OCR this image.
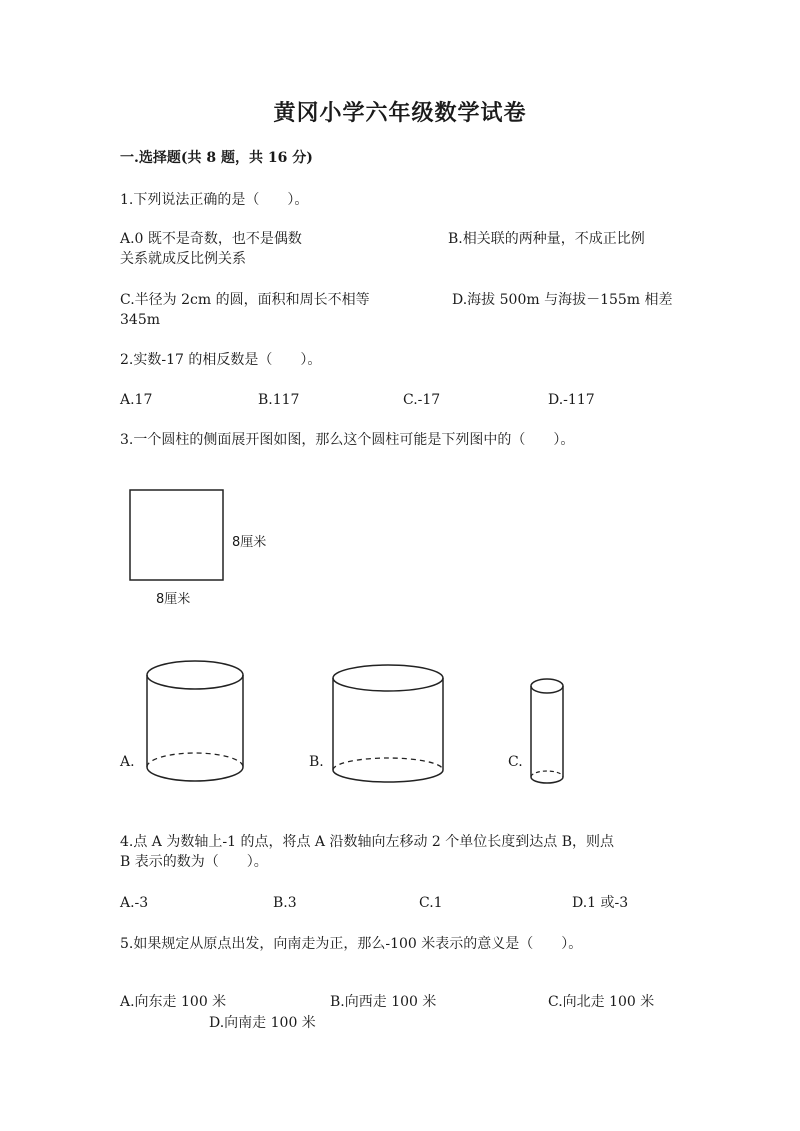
黄冈小学六年级数学试卷
一.选择题(共 8 题，共 16 分)
1.下列说法正确的是（　　）。
A.0 既不是奇数，也不是偶数	B.相关联的两种量，不成正比例
关系就成反比例关系
C.半径为 2cm 的圆，面积和周长不相等	D.海拔 500m 与海拔－155m 相差
345m
2.实数-17 的相反数是（　　）。
A.17	B.117	C.-17	D.-117
3.一个圆柱的侧面展开图如图，那么这个圆柱可能是下列图中的（　　）。
8厘米
8厘米
A.	B.	C.
4.点 A 为数轴上-1 的点，将点 A 沿数轴向左移动 2 个单位长度到达点 B，则点
B 表示的数为（　　）。
A.-3	B.3	C.1	D.1 或-3
5.如果规定从原点出发，向南走为正，那么-100 米表示的意义是（　　）。
A.向东走 100 米	B.向西走 100 米	C.向北走 100 米
D.向南走 100 米
